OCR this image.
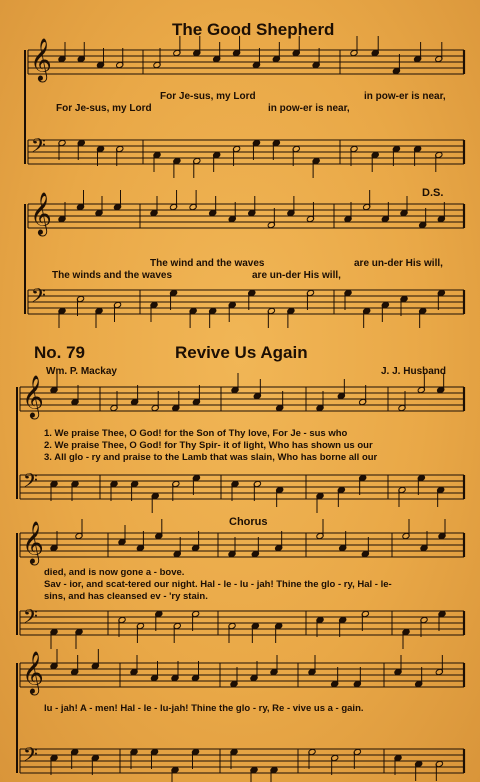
The Good Shepherd
𝄞
𝄢
𝄞
𝄢
𝄞
𝄢
𝄞
𝄢
𝄞
𝄢
For Je-sus, my Lord	in pow-er is near,
For Je-sus, my Lord	in pow-er is near,
D.S.
The wind and the waves	are un-der His will,
The winds and the waves	are un-der His will,
No. 79	Revive Us Again
Wm. P. Mackay	J. J. Husband
1. We praise Thee, O God! for the Son of Thy love, For Je - sus who
2. We praise Thee, O God! for Thy Spir- it of light, Who has shown us our
3. All glo - ry and praise to the Lamb that was slain, Who has borne all our
Chorus
died, and is now gone a - bove.
Sav - ior, and scat-tered our night. Hal - le - lu - jah! Thine the glo - ry, Hal - le-
sins, and has cleansed ev - 'ry stain.
lu - jah! A - men! Hal - le - lu-jah! Thine the glo - ry, Re - vive us a - gain.
